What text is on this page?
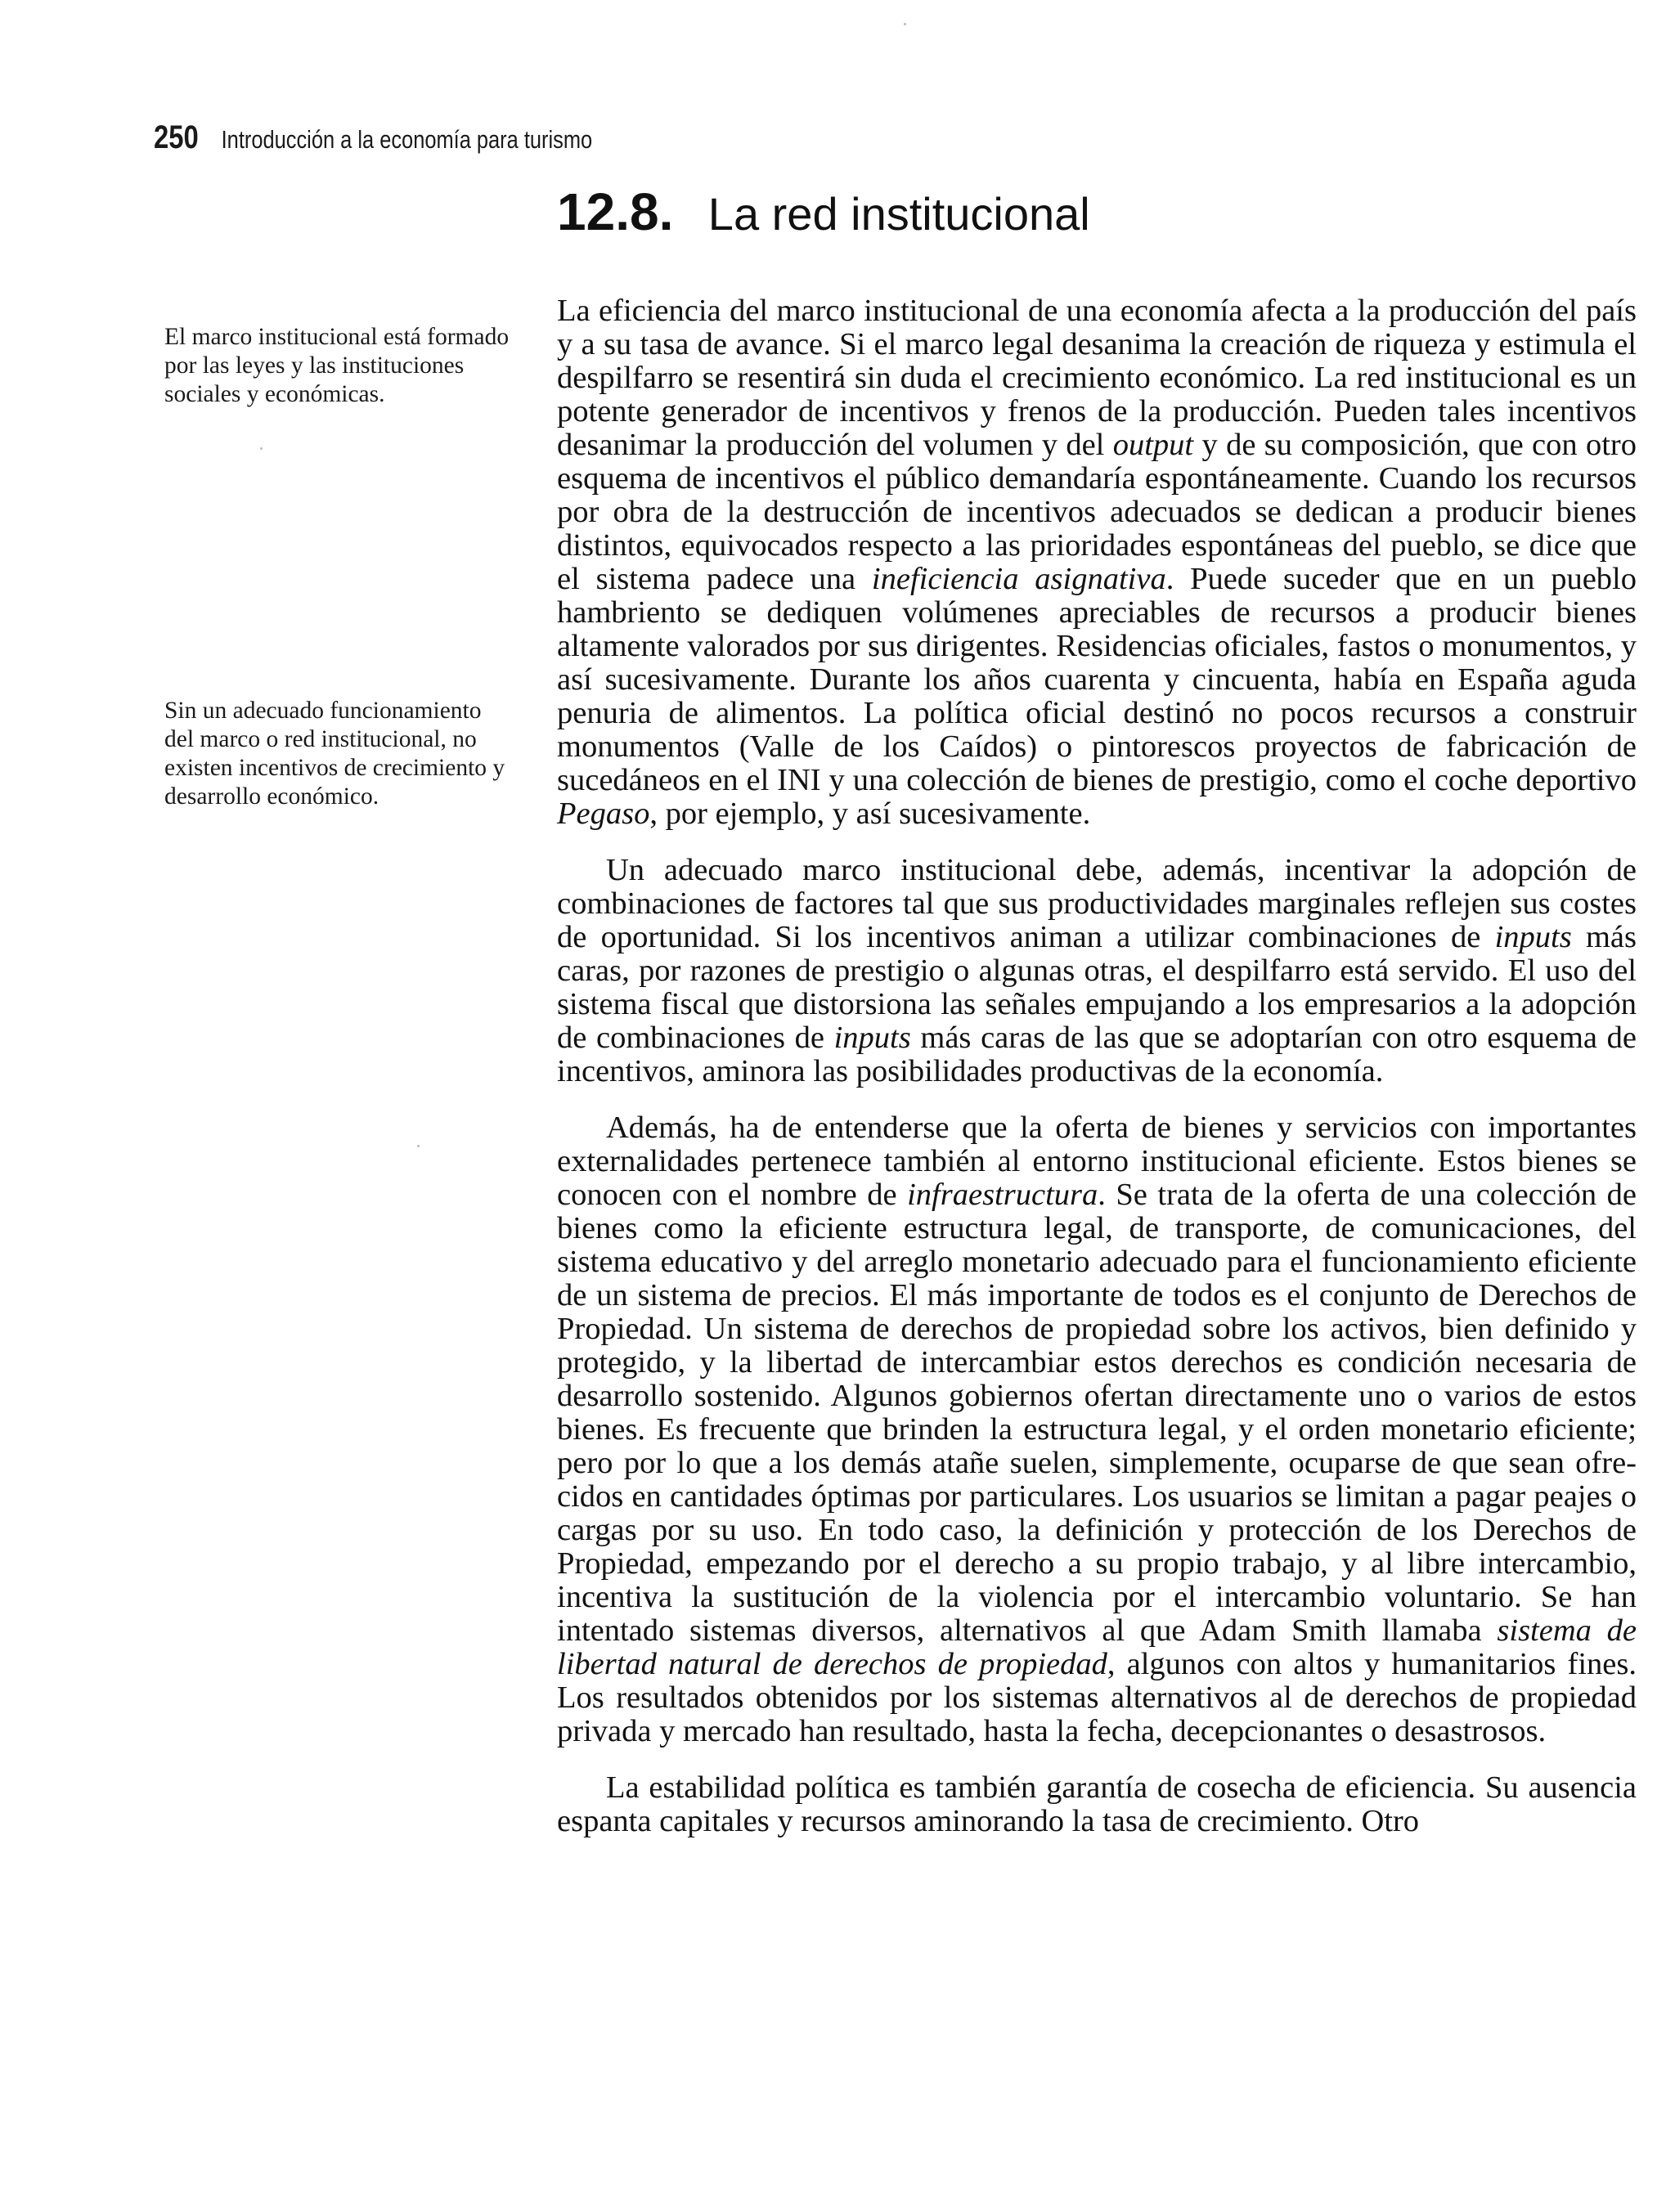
250 Introducción a la economía para turismo
12.8. La red institucional

El marco institucional está formado por las leyes y las instituciones sociales y económicas.

Sin un adecuado funcionamiento del marco o red institucional, no existen incentivos de crecimiento y desarrollo económico.

La eficiencia del marco institucional de una economía afecta a la producción del país y a su tasa de avance. Si el marco legal desanima la creación de riqueza y estimula el despilfarro se resentirá sin duda el crecimiento económico. La red institucional es un potente generador de incentivos y frenos de la producción. Pueden tales incentivos desanimar la producción del volumen y del output y de su composición, que con otro esquema de incentivos el público demandaría espontáneamente. Cuando los recursos por obra de la destrucción de incentivos adecuados se dedican a producir bienes distintos, equivocados respecto a las prioridades espontáneas del pueblo, se dice que el sistema padece una ineficiencia asignativa. Puede suceder que en un pueblo hambriento se dediquen volúmenes apreciables de recursos a producir bienes altamente valorados por sus dirigentes. Residencias oficiales, fastos o monumentos, y así sucesivamente. Durante los años cuarenta y cincuenta, había en España aguda penuria de alimentos. La política oficial destinó no pocos recursos a construir monumentos (Valle de los Caídos) o pintorescos proyectos de fabricación de sucedáneos en el INI y una colección de bienes de prestigio, como el coche deportivo Pegaso, por ejemplo, y así sucesivamente.

Un adecuado marco institucional debe, además, incentivar la adopción de combinaciones de factores tal que sus productividades marginales reflejen sus costes de oportunidad. Si los incentivos animan a utilizar combinaciones de inputs más caras, por razones de prestigio o algunas otras, el despilfarro está servido. El uso del sistema fiscal que distorsiona las señales empujando a los empresarios a la adopción de combinaciones de inputs más caras de las que se adoptarían con otro esquema de incentivos, aminora las posibilidades productivas de la economía.

Además, ha de entenderse que la oferta de bienes y servicios con importantes externalidades pertenece también al entorno institucional eficiente. Estos bienes se conocen con el nombre de infraestructura. Se trata de la oferta de una colección de bienes como la eficiente estructura legal, de transporte, de comunicaciones, del sistema educativo y del arreglo monetario adecuado para el funcionamiento eficiente de un sistema de precios. El más importante de todos es el conjunto de Derechos de Propiedad. Un sistema de derechos de propiedad sobre los activos, bien definido y protegido, y la libertad de intercambiar estos derechos es condición necesaria de desarrollo sostenido. Algunos gobiernos ofertan directamente uno o varios de estos bienes. Es frecuente que brinden la estructura legal, y el orden monetario eficiente; pero por lo que a los demás atañe suelen, simplemente, ocuparse de que sean ofrecidos en cantidades óptimas por particulares. Los usuarios se limitan a pagar peajes o cargas por su uso. En todo caso, la definición y protección de los Derechos de Propiedad, empezando por el derecho a su propio trabajo, y al libre intercambio, incentiva la sustitución de la violencia por el intercambio voluntario. Se han intentado sistemas diversos, alternativos al que Adam Smith llamaba sistema de libertad natural de derechos de propiedad, algunos con altos y humanitarios fines. Los resultados obtenidos por los sistemas alternativos al de derechos de propiedad privada y mercado han resultado, hasta la fecha, decepcionantes o desastrosos.

La estabilidad política es también garantía de cosecha de eficiencia. Su ausencia espanta capitales y recursos aminorando la tasa de crecimiento. Otro
